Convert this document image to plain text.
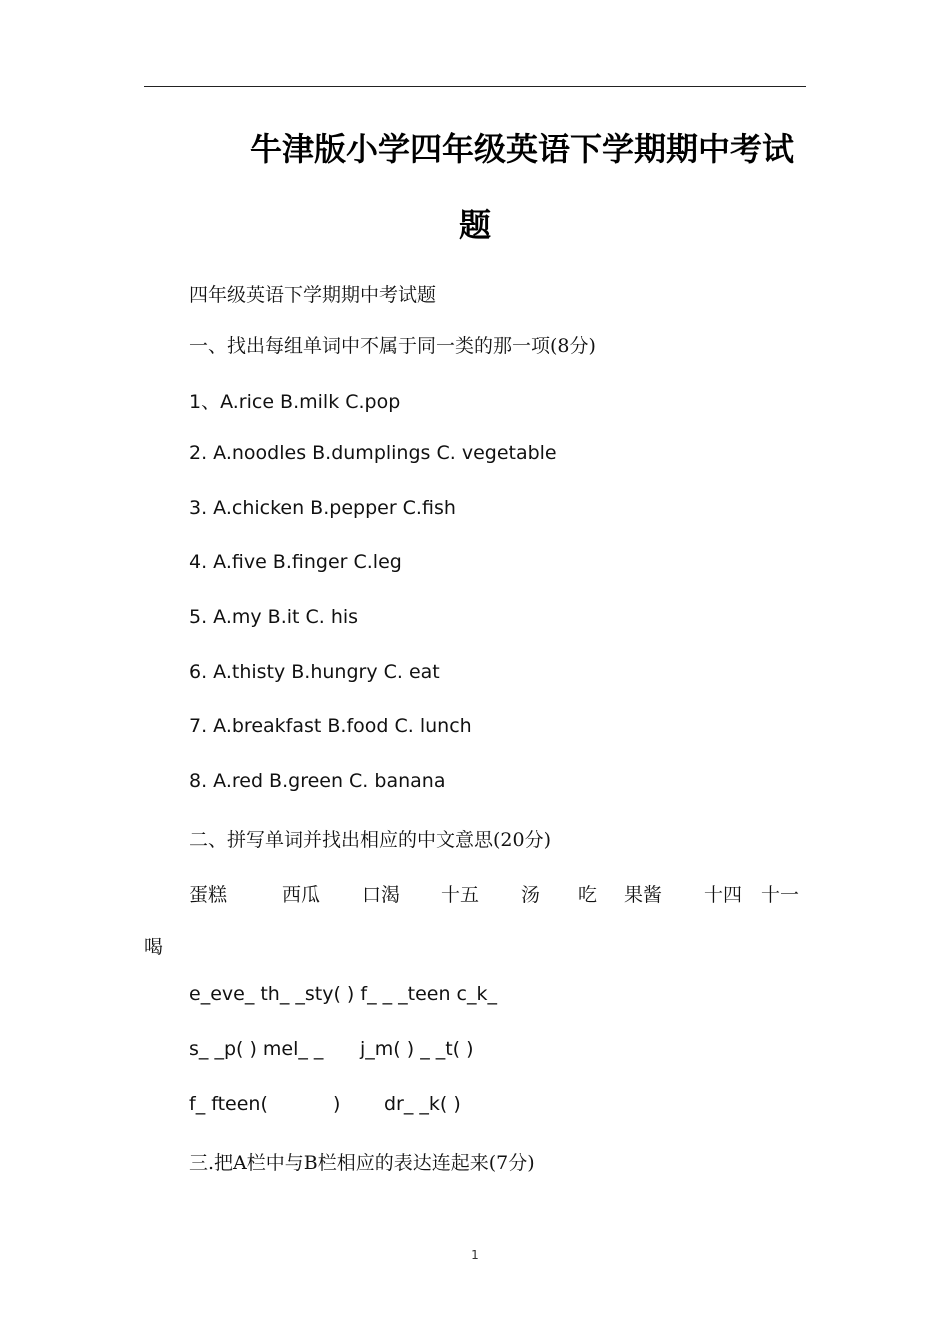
牛津版小学四年级英语下学期期中考试
题
四年级英语下学期期中考试题
一、找出每组单词中不属于同一类的那一项(8分)
1、A.rice B.milk C.pop
2. A.noodles B.dumplings C. vegetable
3. A.chicken B.pepper C.fish
4. A.five B.finger C.leg
5. A.my B.it C. his
6. A.thisty B.hungry C. eat
7. A.breakfast B.food C. lunch
8. A.red B.green C. banana
二、拼写单词并找出相应的中文意思(20分)
蛋糕	西瓜 口渴 十五 汤 吃 果酱 十四 十一
喝
e_eve_ th_ _sty( ) f_ _ _teen c_k_
s_ _p( ) mel_ _ j_m( ) _ _t( )
f_ fteen(	) dr_ _k( )
三.把A栏中与B栏相应的表达连起来(7分)
1
